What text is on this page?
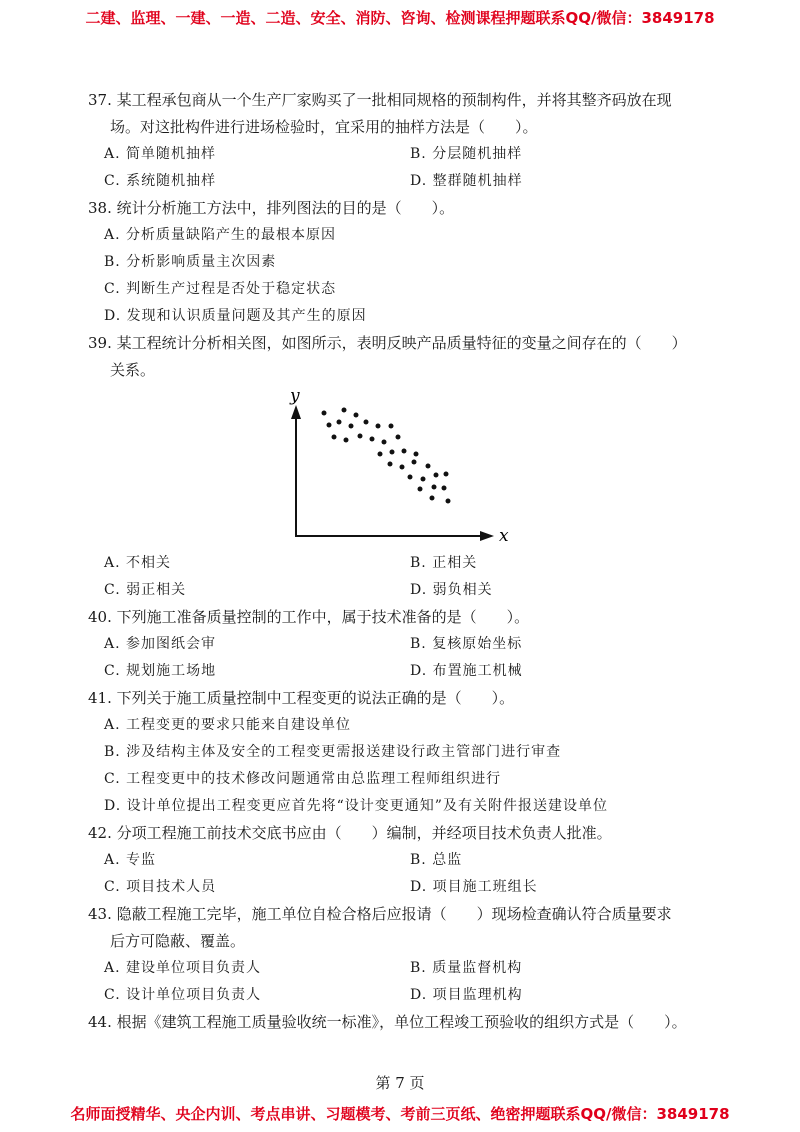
二建、监理、一建、一造、二造、安全、消防、咨询、检测课程押题联系QQ/微信：3849178
37. 某工程承包商从一个生产厂家购买了一批相同规格的预制构件，并将其整齐码放在现
场。对这批构件进行进场检验时，宜采用的抽样方法是（　　）。
A. 简单随机抽样	B. 分层随机抽样
C. 系统随机抽样	D. 整群随机抽样
38. 统计分析施工方法中，排列图法的目的是（　　）。
A. 分析质量缺陷产生的最根本原因
B. 分析影响质量主次因素
C. 判断生产过程是否处于稳定状态
D. 发现和认识质量问题及其产生的原因
39. 某工程统计分析相关图，如图所示，表明反映产品质量特征的变量之间存在的（　　）
关系。
y
x
A. 不相关	B. 正相关
C. 弱正相关	D. 弱负相关
40. 下列施工准备质量控制的工作中，属于技术准备的是（　　）。
A. 参加图纸会审	B. 复核原始坐标
C. 规划施工场地	D. 布置施工机械
41. 下列关于施工质量控制中工程变更的说法正确的是（　　）。
A. 工程变更的要求只能来自建设单位
B. 涉及结构主体及安全的工程变更需报送建设行政主管部门进行审查
C. 工程变更中的技术修改问题通常由总监理工程师组织进行
D. 设计单位提出工程变更应首先将“设计变更通知”及有关附件报送建设单位
42. 分项工程施工前技术交底书应由（　　）编制，并经项目技术负责人批准。
A. 专监	B. 总监
C. 项目技术人员	D. 项目施工班组长
43. 隐蔽工程施工完毕，施工单位自检合格后应报请（　　）现场检查确认符合质量要求
后方可隐蔽、覆盖。
A. 建设单位项目负责人	B. 质量监督机构
C. 设计单位项目负责人	D. 项目监理机构
44. 根据《建筑工程施工质量验收统一标准》，单位工程竣工预验收的组织方式是（　　）。
第 7 页
名师面授精华、央企内训、考点串讲、习题模考、考前三页纸、绝密押题联系QQ/微信：3849178
